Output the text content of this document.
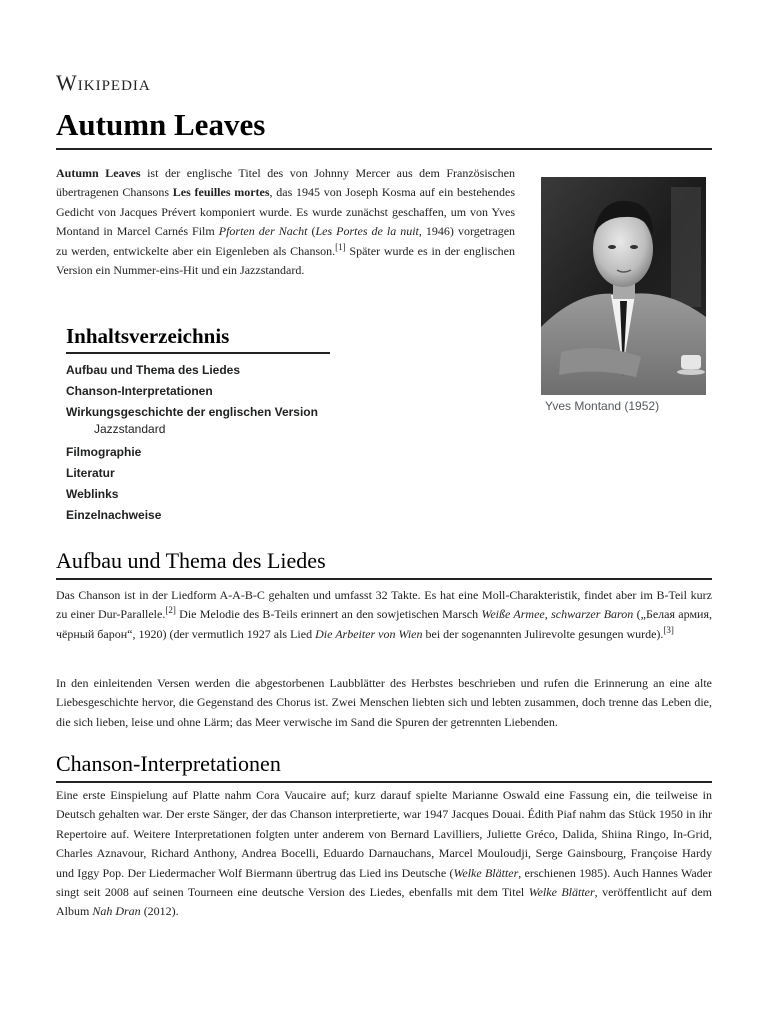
Wikipedia
Autumn Leaves

Autumn Leaves ist der englische Titel des von Johnny Mercer aus dem Französischen übertragenen Chansons Les feuilles mortes, das 1945 von Joseph Kosma auf ein bestehendes Gedicht von Jacques Prévert komponiert wurde. Es wurde zunächst geschaffen, um von Yves Montand in Marcel Carnés Film Pforten der Nacht (Les Portes de la nuit, 1946) vorgetragen zu werden, entwickelte aber ein Eigenleben als Chanson.[1] Später wurde es in der englischen Version ein Nummer-eins-Hit und ein Jazzstandard.

Yves Montand (1952)
Inhaltsverzeichnis
Aufbau und Thema des Liedes
Chanson-Interpretationen
Wirkungsgeschichte der englischen Version
Jazzstandard
Filmographie
Literatur
Weblinks
Einzelnachweise
Aufbau und Thema des Liedes

Das Chanson ist in der Liedform A-A-B-C gehalten und umfasst 32 Takte. Es hat eine Moll-Charakteristik, findet aber im B-Teil kurz zu einer Dur-Parallele.[2] Die Melodie des B-Teils erinnert an den sowjetischen Marsch Weiße Armee, schwarzer Baron („Белая армия, чёрный барон“, 1920) (der vermutlich 1927 als Lied Die Arbeiter von Wien bei der sogenannten Julirevolte gesungen wurde).[3]

In den einleitenden Versen werden die abgestorbenen Laubblätter des Herbstes beschrieben und rufen die Erinnerung an eine alte Liebesgeschichte hervor, die Gegenstand des Chorus ist. Zwei Menschen liebten sich und lebten zusammen, doch trenne das Leben die, die sich lieben, leise und ohne Lärm; das Meer verwische im Sand die Spuren der getrennten Liebenden.

Chanson-Interpretationen

Eine erste Einspielung auf Platte nahm Cora Vaucaire auf; kurz darauf spielte Marianne Oswald eine Fassung ein, die teilweise in Deutsch gehalten war. Der erste Sänger, der das Chanson interpretierte, war 1947 Jacques Douai. Édith Piaf nahm das Stück 1950 in ihr Repertoire auf. Weitere Interpretationen folgten unter anderem von Bernard Lavilliers, Juliette Gréco, Dalida, Shiina Ringo, In-Grid, Charles Aznavour, Richard Anthony, Andrea Bocelli, Eduardo Darnauchans, Marcel Mouloudji, Serge Gainsbourg, Françoise Hardy und Iggy Pop. Der Liedermacher Wolf Biermann übertrug das Lied ins Deutsche (Welke Blätter, erschienen 1985). Auch Hannes Wader singt seit 2008 auf seinen Tourneen eine deutsche Version des Liedes, ebenfalls mit dem Titel Welke Blätter, veröffentlicht auf dem Album Nah Dran (2012).
